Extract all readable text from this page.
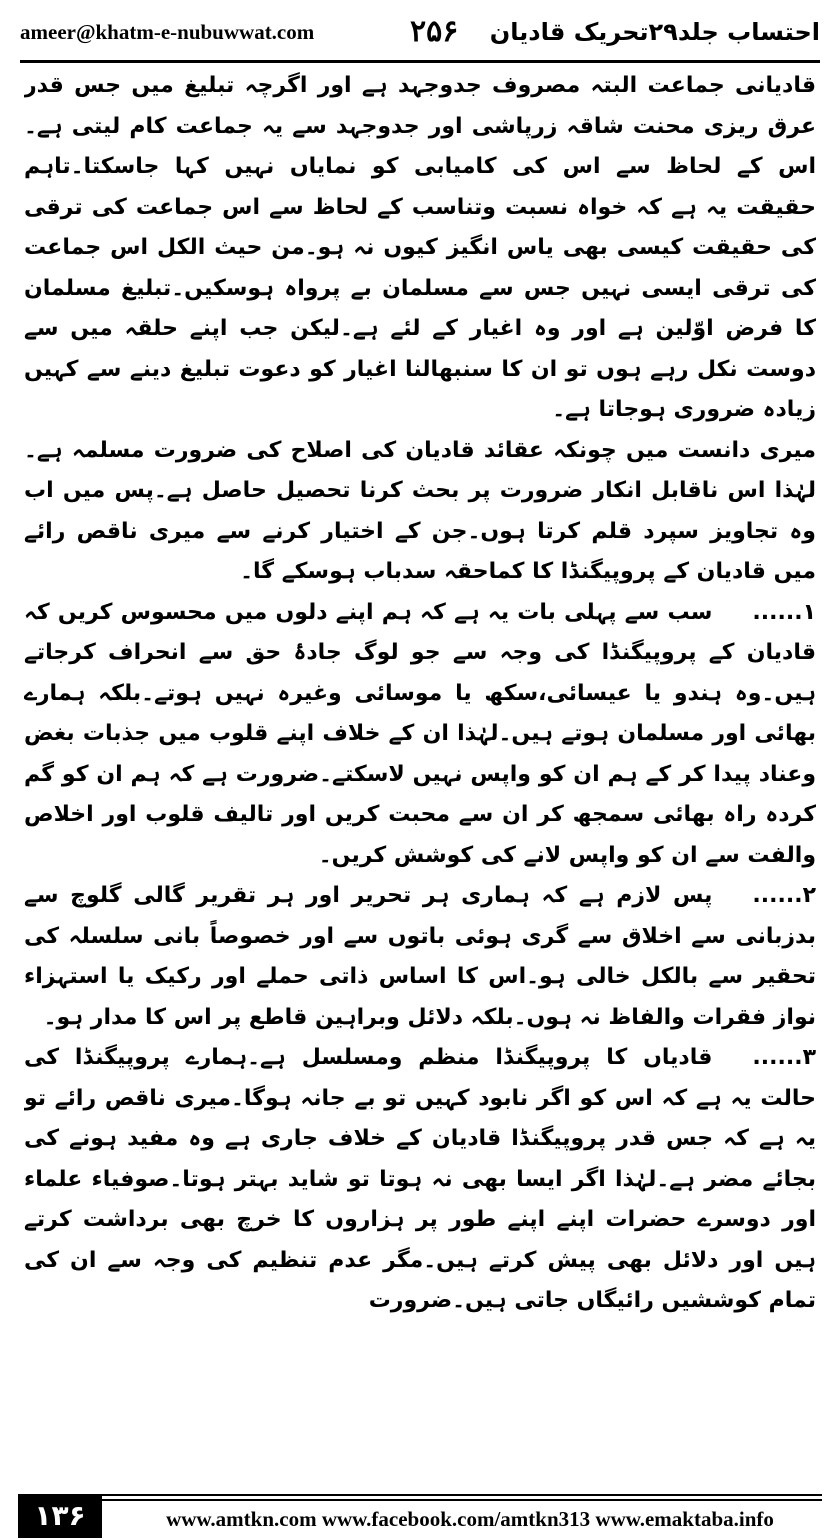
ameer@khatm-e-nubuwwat.com	۲۵۶ احتساب جلد۲۹تحریک قادیان

قادیانی جماعت البتہ مصروف جدوجہد ہے اور اگرچہ تبلیغ میں جس قدر عرق ریزی محنت شاقہ زرپاشی اور جدوجہد سے یہ جماعت کام لیتی ہے۔اس کے لحاظ سے اس کی کامیابی کو نمایاں نہیں کہا جاسکتا۔تاہم حقیقت یہ ہے کہ خواہ نسبت وتناسب کے لحاظ سے اس جماعت کی ترقی کی حقیقت کیسی بھی یاس انگیز کیوں نہ ہو۔من حیث الکل اس جماعت کی ترقی ایسی نہیں جس سے مسلمان بے پرواہ ہوسکیں۔تبلیغ مسلمان کا فرض اوّلین ہے اور وہ اغیار کے لئے ہے۔لیکن جب اپنے حلقہ میں سے دوست نکل رہے ہوں تو ان کا سنبھالنا اغیار کو دعوت تبلیغ دینے سے کہیں زیادہ ضروری ہوجاتا ہے۔

میری دانست میں چونکہ عقائد قادیان کی اصلاح کی ضرورت مسلمہ ہے۔لہٰذا اس ناقابل انکار ضرورت پر بحث کرنا تحصیل حاصل ہے۔پس میں اب وہ تجاویز سپرد قلم کرتا ہوں۔جن کے اختیار کرنے سے میری ناقص رائے میں قادیان کے پروپیگنڈا کا کماحقہ سدباب ہوسکے گا۔

۱......سب سے پہلی بات یہ ہے کہ ہم اپنے دلوں میں محسوس کریں کہ قادیان کے پروپیگنڈا کی وجہ سے جو لوگ جادۂ حق سے انحراف کرجاتے ہیں۔وہ ہندو یا عیسائی،سکھ یا موسائی وغیرہ نہیں ہوتے۔بلکہ ہمارے بھائی اور مسلمان ہوتے ہیں۔لہٰذا ان کے خلاف اپنے قلوب میں جذبات بغض وعناد پیدا کر کے ہم ان کو واپس نہیں لاسکتے۔ضرورت ہے کہ ہم ان کو گم کردہ راہ بھائی سمجھ کر ان سے محبت کریں اور تالیف قلوب اور اخلاص والفت سے ان کو واپس لانے کی کوشش کریں۔

۲......پس لازم ہے کہ ہماری ہر تحریر اور ہر تقریر گالی گلوچ سے بدزبانی سے اخلاق سے گری ہوئی باتوں سے اور خصوصاً بانی سلسلہ کی تحقیر سے بالکل خالی ہو۔اس کا اساس ذاتی حملے اور رکیک یا استہزاء نواز فقرات والفاظ نہ ہوں۔بلکہ دلائل وبراہین قاطع پر اس کا مدار ہو۔

۳......قادیاں کا پروپیگنڈا منظم ومسلسل ہے۔ہمارے پروپیگنڈا کی حالت یہ ہے کہ اس کو اگر نابود کہیں تو بے جانہ ہوگا۔میری ناقص رائے تو یہ ہے کہ جس قدر پروپیگنڈا قادیان کے خلاف جاری ہے وہ مفید ہونے کی بجائے مضر ہے۔لہٰذا اگر ایسا بھی نہ ہوتا تو شاید بہتر ہوتا۔صوفیاء علماء اور دوسرے حضرات اپنے اپنے طور پر ہزاروں کا خرچ بھی برداشت کرتے ہیں اور دلائل بھی پیش کرتے ہیں۔مگر عدم تنظیم کی وجہ سے ان کی تمام کوششیں رائیگاں جاتی ہیں۔ضرورت

۱۳۶	www.amtkn.com www.facebook.com/amtkn313 www.emaktaba.info
